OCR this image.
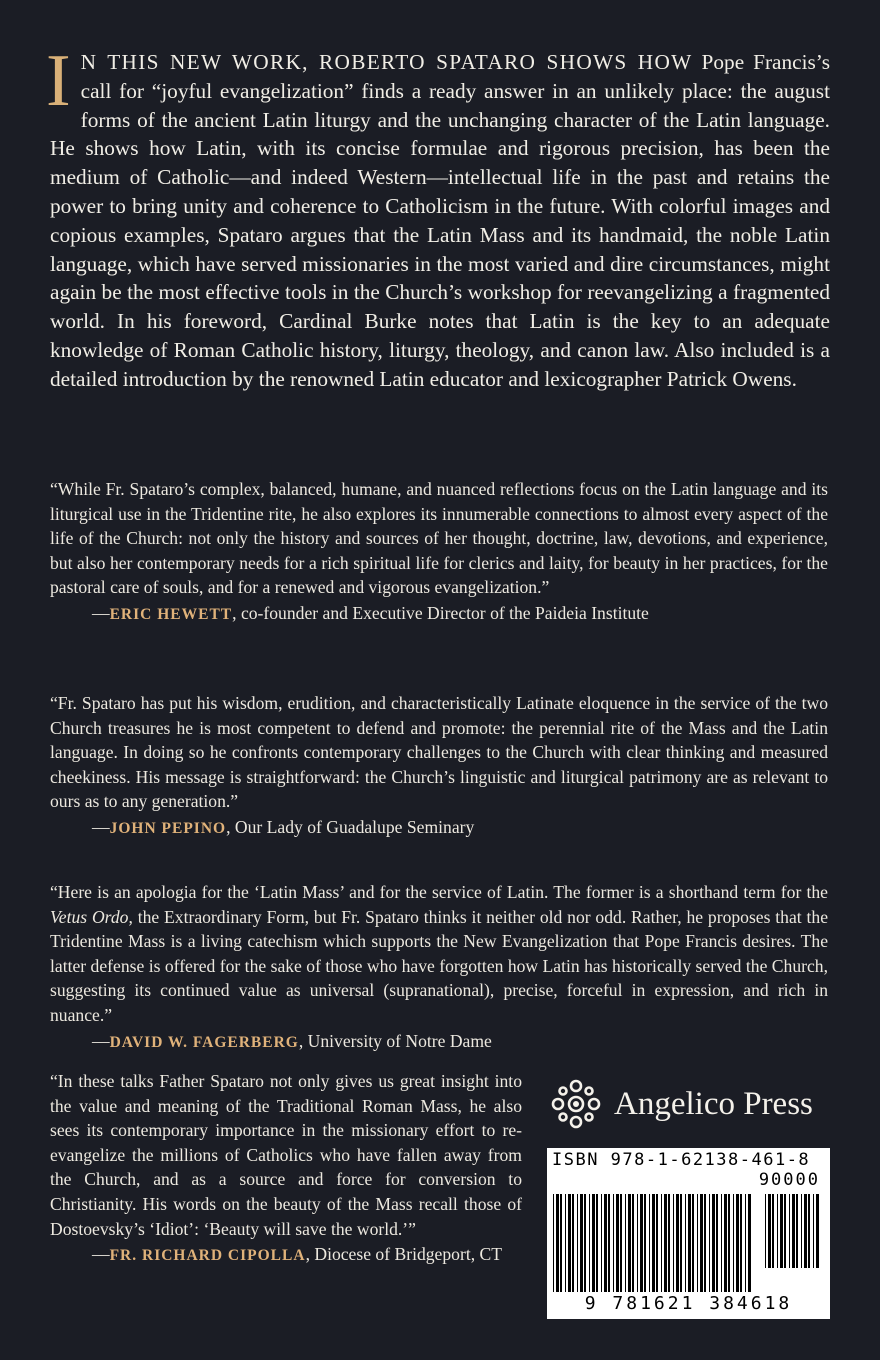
I N THIS NEW WORK, ROBERTO SPATARO SHOWS HOW Pope Francis’s call for “joyful evangelization” finds a ready answer in an unlikely place: the august forms of the ancient Latin liturgy and the unchanging character of the Latin language. He shows how Latin, with its concise formulae and rigorous precision, has been the medium of Catholic—and indeed Western—intellectual life in the past and retains the power to bring unity and coherence to Catholicism in the future. With colorful images and copious examples, Spataro argues that the Latin Mass and its handmaid, the noble Latin language, which have served missionaries in the most varied and dire circumstances, might again be the most effective tools in the Church’s workshop for reevangelizing a fragmented world. In his foreword, Cardinal Burke notes that Latin is the key to an adequate knowledge of Roman Catholic history, liturgy, theology, and canon law. Also included is a detailed introduction by the renowned Latin educator and lexicographer Patrick Owens.
“While Fr. Spataro’s complex, balanced, humane, and nuanced reflections focus on the Latin language and its liturgical use in the Tridentine rite, he also explores its innumerable connections to almost every aspect of the life of the Church: not only the history and sources of her thought, doctrine, law, devotions, and experience, but also her contemporary needs for a rich spiritual life for clerics and laity, for beauty in her practices, for the pastoral care of souls, and for a renewed and vigorous evangelization.”
—ERIC HEWETT, co-founder and Executive Director of the Paideia Institute
“Fr. Spataro has put his wisdom, erudition, and characteristically Latinate eloquence in the service of the two Church treasures he is most competent to defend and promote: the perennial rite of the Mass and the Latin language. In doing so he confronts contemporary challenges to the Church with clear thinking and measured cheekiness. His message is straightforward: the Church’s linguistic and liturgical patrimony are as relevant to ours as to any generation.”
—JOHN PEPINO, Our Lady of Guadalupe Seminary
“Here is an apologia for the ‘Latin Mass’ and for the service of Latin. The former is a shorthand term for the Vetus Ordo, the Extraordinary Form, but Fr. Spataro thinks it neither old nor odd. Rather, he proposes that the Tridentine Mass is a living catechism which supports the New Evangelization that Pope Francis desires. The latter defense is offered for the sake of those who have forgotten how Latin has historically served the Church, suggesting its continued value as universal (supranational), precise, forceful in expression, and rich in nuance.”
—DAVID W. FAGERBERG, University of Notre Dame
“In these talks Father Spataro not only gives us great insight into the value and meaning of the Traditional Roman Mass, he also sees its contemporary importance in the missionary effort to re-evangelize the millions of Catholics who have fallen away from the Church, and as a source and force for conversion to Christianity. His words on the beauty of the Mass recall those of Dostoevsky’s ‘Idiot’: ‘Beauty will save the world.’”
—FR. RICHARD CIPOLLA, Diocese of Bridgeport, CT
Angelico Press
ISBN 978-1-62138-461-8
90000
9 781621 384618
